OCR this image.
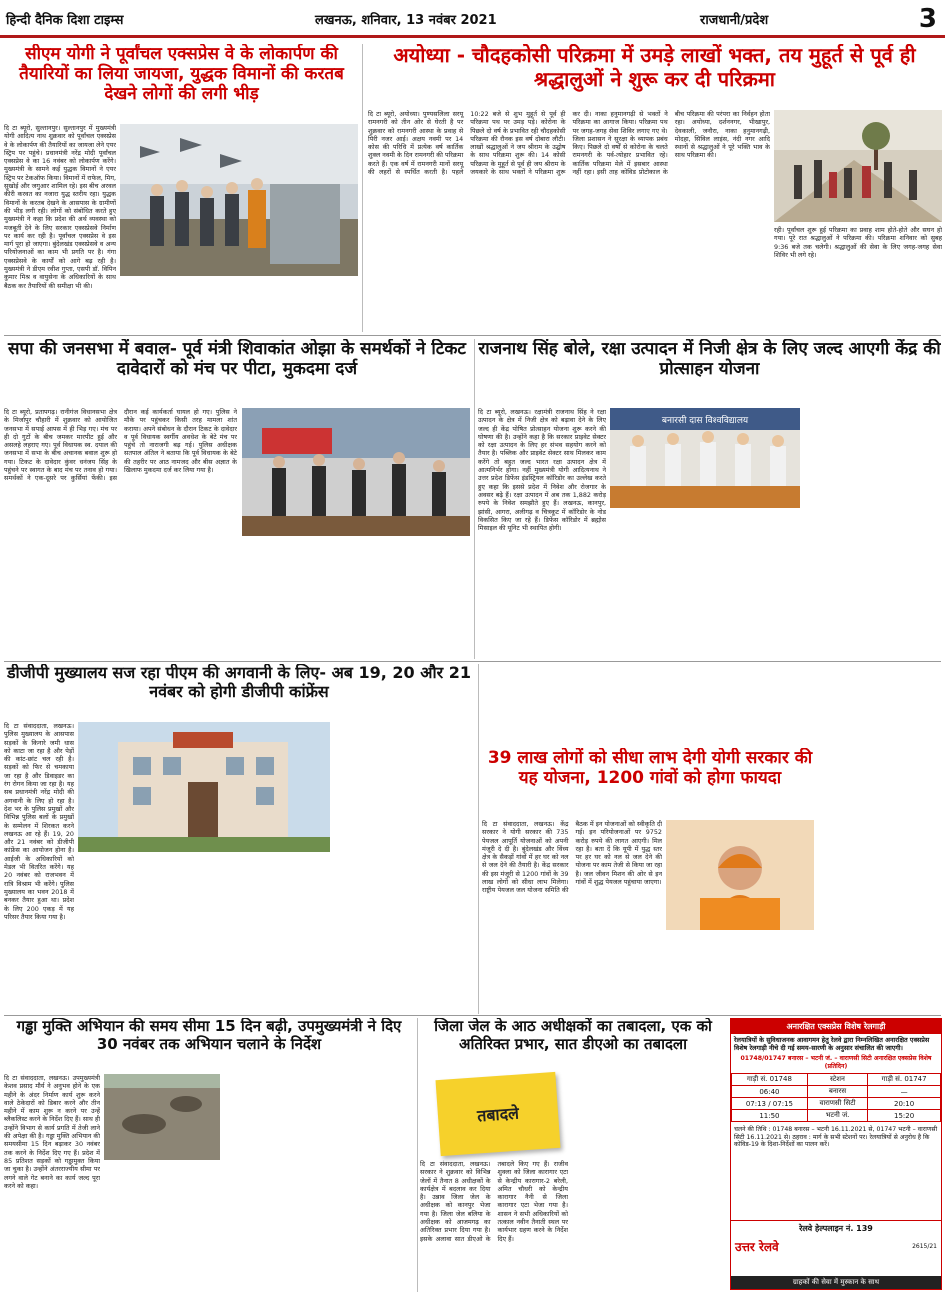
हिन्दी दैनिक दिशा टाइम्स	लखनऊ, शनिवार, 13 नवंबर 2021	राजधानी/प्रदेश	3
सीएम योगी ने पूर्वांचल एक्सप्रेस वे के लोकार्पण की तैयारियों का लिया जायजा, युद्धक विमानों की करतब देखने लोगों की लगी भीड़
दि टा ब्यूरो, सुल्तानपुर। सुल्तानपुर में मुख्यमंत्री योगी आदित्य नाथ शुक्रवार को पूर्वांचल एक्सप्रेस वे के लोकार्पण की तैयारियों का जायजा लेने एयर स्ट्रिप पर पहुंचे। प्रधानमंत्री नरेंद्र मोदी पूर्वांचल एक्सप्रेस वे का 16 नवंबर को लोकार्पण करेंगे। मुख्यमंत्री के सामने कई युद्धक विमानों ने एयर स्ट्रिप पर टेकऑफ किया। विमानों में राफेल, मिग, सुखोई और जगुआर शामिल रहे। इस बीच अरवल कीरी करवत का नजारा युद्ध स्तरीय रहा। युद्धक विमानों के करतब देखने के आसपास के ग्रामीणों की भीड़ लगी रही। लोगों को संबोधित करते हुए मुख्यमंत्री ने कहा कि प्रदेश की अर्थ व्यवस्था को मजबूती देने के लिए सरकार एक्सप्रेसवे निर्माण पर कार्य कर रही है। पूर्वांचल एक्सप्रेस वे इस मार्ग पूरा हो जाएगा। बुंदेलखंड एक्सप्रेसवे व अन्य परियोजनाओं का काम भी प्रगति पर है। गंगा एक्सप्रेसवे के कार्यों को आगे बढ़ रही है। मुख्यमंत्री ने डीएम रवीश गुप्ता, एसपी डॉ. विपिन कुमार मिश्र व वायुसेना के अधिकारियों के साथ बैठक कर तैयारियों की समीक्षा भी की।
अयोध्या - चौदहकोसी परिक्रमा में उमड़े लाखों भक्त, तय मुहूर्त से पूर्व ही श्रद्धालुओं ने शुरू कर दी परिक्रमा
दि टा ब्यूरो, अयोध्या। पुण्यसलिला सरयू रामनगरी को तीन ओर से घेरती है पर शुक्रवार को रामनगरी आस्था के प्रवाह से पिरी नजर आई। अक्षय नवमी पर 14 कोस की परिधि में प्रत्येक वर्ष कार्तिक शुक्ल नवमी के दिन रामनगरी की परिक्रमा करते हैं। एक वर्ष में रामनगरी मानों सरयू की लहरों से स्पर्धित करती है। पहले 10:22 बजे से शुभ मुहूर्त से पूर्व ही परिक्रमा पथ पर उमड़ पड़े। कोरोना के पिछले दो वर्ष के प्रभावित रही चौदहकोसी परिक्रमा की रौनक इस वर्ष दोबारा लौटी। लाखों श्रद्धालुओं ने जय श्रीराम के उद्घोष के साथ परिक्रमा शुरू की। 14 कोसी परिक्रमा के मुहूर्त से पूर्व ही जय श्रीराम के जयकारे के साथ भक्तों ने परिक्रमा शुरू कर दी। नाका हनुमानगढ़ी से भक्तों ने परिक्रमा का आगाज किया। परिक्रमा पथ पर जगह-जगह सेवा शिविर लगाए गए थे। जिला प्रशासन ने सुरक्षा के व्यापक प्रबंध किए। पिछले दो वर्षों से कोरोना के चलते रामनगरी के पर्व-त्योहार प्रभावित रहे। कार्तिक परिक्रमा मेले में इसबार आस्था नहीं रहा। इसी ताह कोविड प्रोटोकाल के बीच परिक्रमा की परंपरा का निर्वहन होता रहा। अयोध्या, दर्शननगर, भीखापुर, देवकाली, जनौरा, नाका हनुमानगढ़ी, मोदहा, सिविल लाइंस, नंदी नगर आदि स्थानों से श्रद्धालुओं ने पूरे भक्ति भाव के साथ परिक्रमा की।
रही। पूर्वांचल शुरू हुई परिक्रमा का प्रवाह शाम होते-होते और सघन हो गया। पूरे रात श्रद्धालुओं ने परिक्रमा की। परिक्रमा शनिवार को सुबह 9:36 बजे तक चलेगी। श्रद्धालुओं की सेवा के लिए जगह-जगह सेवा शिविर भी लगे रहे।
सपा की जनसभा में बवाल- पूर्व मंत्री शिवाकांत ओझा के समर्थकों ने टिकट दावेदारों को मंच पर पीटा, मुकदमा दर्ज
दि टा ब्यूरो, प्रतापगढ़। रानीगंज विधानसभा क्षेत्र के मिर्जापुर चौहारी में शुक्रवार को आयोजित जनसभा में सपाई आपस में ही भिड़ गए। मंच पर ही दो गुटों के बीच जमकर मारपीट हुई और असलहे लहराए गए। पूर्व विधायक स्व. दयाल की जनसभा में सभा के बीच अचानक बवाल शुरू हो गया। टिकट के दावेदार कुंवर धनंजय सिंह के पहुंचने पर स्वागत के बाद मंच पर तनाव हो गया। समर्थकों ने एक-दूसरे पर कुर्सियां फेंकी। इस दौरान कई कार्यकर्ता घायल हो गए। पुलिस ने मौके पर पहुंचकर किसी तरह मामला शांत कराया। अपने संबोधन के दौरान टिकट के दावेदार व पूर्व विधायक स्वर्गीय अवधेश के बेटे मंच पर पहुंचे तो नाराजगी बढ़ गई। पुलिस अधीक्षक सतपाल अंतिल ने बताया कि पूर्व विधायक के बेटे की तहरीर पर आठ नामजद और बीस अज्ञात के खिलाफ मुकदमा दर्ज कर लिया गया है।
राजनाथ सिंह बोले, रक्षा उत्पादन में निजी क्षेत्र के लिए जल्द आएगी केंद्र की प्रोत्साहन योजना
दि टा ब्यूरो, लखनऊ। रक्षामंत्री राजनाथ सिंह ने रक्षा उत्पादन के क्षेत्र में निजी क्षेत्र को बढ़ावा देने के लिए जल्द ही केंद्र पोषित प्रोत्साहन योजना शुरू करने की घोषणा की है। उन्होंने कहा है कि सरकार प्राइवेट सेक्टर को रक्षा उत्पादन के लिए हर संभव सहयोग करने को तैयार है। पब्लिक और प्राइवेट सेक्टर साथ मिलकर काम करेंगे तो बहुत जल्द भारत रक्षा उत्पादन क्षेत्र में आत्मनिर्भर होगा। नहीं मुख्यमंत्री योगी आदित्यनाथ ने उत्तर प्रदेश डिफेंस इंडस्ट्रियल कॉरिडोर का उल्लेख करते हुए कहा कि इससे प्रदेश में निवेश और रोजगार के अवसर बढ़े हैं। रक्षा उत्पादन में अब तक 1,882 करोड़ रुपये के निवेश समझौते हुए हैं। लखनऊ, कानपुर, झांसी, आगरा, अलीगढ़ व चित्रकूट में कॉरिडोर के नोड विकसित किए जा रहे हैं। डिफेंस कॉरिडोर में ब्रह्मोस मिसाइल की यूनिट भी स्थापित होगी।
बनारसी दास विश्वविद्यालय
डीजीपी मुख्यालय सज रहा पीएम की अगवानी के लिए- अब 19, 20 और 21 नवंबर को होगी डीजीपी कांफ्रेंस
दि टा संवाददाता, लखनऊ। पुलिस मुख्यालय के आसपास सड़कों के किनारे जमी धास को काटा जा रहा है और पेड़ों की कांट-छांट चल रही है। सड़कों को फिर से चमकाया जा रहा है और डिवाइडर का रंग रोगन किया जा रहा है। यह सब प्रधानमंत्री नरेंद्र मोदी की अगवानी के लिए हो रहा है। देश भर के पुलिस प्रमुखों और विभिन्न पुलिस बलों के प्रमुखों के सम्मेलन में शिरकत करने लखनऊ आ रहे हैं। 19, 20 और 21 नवंबर को डीजीपी कांफ्रेंस का आयोजन होना है। आईजी के अधिकारियों को मेडल भी वितरित करेंगे। यह 20 नवंबर को राजभवन में रात्रि विश्राम भी करेंगे। पुलिस मुख्यालय का भवन 2018 में बनकर तैयार हुआ था। प्रदेश के लिए 200 एकड़ में यह परिसर तैयार किया गया है।
39 लाख लोगों को सीधा लाभ देगी योगी सरकार की यह योजना, 1200 गांवों को होगा फायदा
दि टा संवाददाता, लखनऊ। केंद्र सरकार ने योगी सरकार की 735 पेयजल आपूर्ति योजनाओं को अपनी मंजूरी दे दी है। बुंदेलखंड और विंध्य क्षेत्र के सैकड़ों गांवों में हर घर को नल से जल देने की तैयारी है। केंद्र सरकार की इस मंजूरी से 1200 गांवों के 39 लाख लोगों को सीधा लाभ मिलेगा। राष्ट्रीय पेयजल जल योजना समिति की बैठक में इन योजनाओं को स्वीकृति दी गई। इन परियोजनाओं पर 9752 करोड़ रुपये की लागत आएगी। मिल रहा है। बता दें कि यूपी में युद्ध स्तर पर हर घर को नल से जल देने की योजना पर काम तेजी से किया जा रहा है। जल जीवन मिशन की ओर से इन गांवों में शुद्ध पेयजल पहुंचाया जाएगा।
गड्ढा मुक्ति अभियान की समय सीमा 15 दिन बढ़ी, उपमुख्यमंत्री ने दिए 30 नवंबर तक अभियान चलाने के निर्देश
दि टा संवाददाता, लखनऊ। उपमुख्यमंत्री केशव प्रसाद मौर्य ने अनुभव होने के एक महीने के अंदर निर्माण कार्य शुरू करने वाले ठेकेदारों को डिबार करने और तीन महीने में काम शुरू न करने पर उन्हें ब्लैकलिस्ट करने के निर्देश दिए हैं। साथ ही उन्होंने विभाग से कार्य प्रगति में तेजी लाने की अपेक्षा की है। गड्ढा मुक्ति अभियान की समयसीमा 15 दिन बढ़ाकर 30 नवंबर तक करने के निर्देश दिए गए हैं। प्रदेश में 85 प्रतिशत सड़कों को गड्ढामुक्त किया जा चुका है। उन्होंने अंतरराज्यीय सीमा पर लगने वाले गेट बनाने का कार्य जल्द पूरा करने को कहा।
जिला जेल के आठ अधीक्षकों का तबादला, एक को अतिरिक्त प्रभार, सात डीएओ का तबादला
तबादले
दि टा संवाददाता, लखनऊ। सरकार ने शुक्रवार को विभिन्न जेलों में तैनात 8 अधीक्षकों के कार्यक्षेत्र में बदलाव कर दिया है। उन्नाव जिला जेल के अधीक्षक को कानपुर भेजा गया है। जिला जेल बलिया के अधीक्षक को आजमगढ़ का अतिरिक्त प्रभार दिया गया है। इसके अलावा सात डीएओ के तबादले किए गए हैं। राजीव शुक्ला को जिला कारागार एटा से केन्द्रीय कारागार-2 बरेली, अमित चौधरी को केन्द्रीय कारागार नैनी से जिला कारागार एटा भेजा गया है। शासन ने सभी अधिकारियों को तत्काल नवीन तैनाती स्थल पर कार्यभार ग्रहण करने के निर्देश दिए हैं।
अनारक्षित एक्सप्रेस विशेष रेलगाड़ी
रेलयात्रियों के सुविधाजनक आवागमन हेतु रेलवे द्वारा निम्नलिखित अनारक्षित एक्सप्रेस विशेष रेलगाड़ी नीचे दी गई समय-सारणी के अनुसार संचालित की जाएगी।
01748/01747 बनारस – भटनी जं. – वाराणसी सिटी अनारक्षित एक्सप्रेस विशेष (प्रतिदिन)
गाड़ी सं. 01748	स्टेशन	गाड़ी सं. 01747
06:40	बनारस	—
07:13 / 07:15	वाराणसी सिटी	20:10
11:50	भटनी जं.	15:20
चलने की तिथि : 01748 बनारस – भटनी 16.11.2021 से, 01747 भटनी – वाराणसी सिटी 16.11.2021 से। ठहराव : मार्ग के सभी स्टेशनों पर। रेलयात्रियों से अनुरोध है कि कोविड-19 के दिशा-निर्देशों का पालन करें।
रेलवे हेल्पलाइन नं. 139
उत्तर रेलवे	2615/21
ग्राहकों की सेवा में मुस्कान के साथ
